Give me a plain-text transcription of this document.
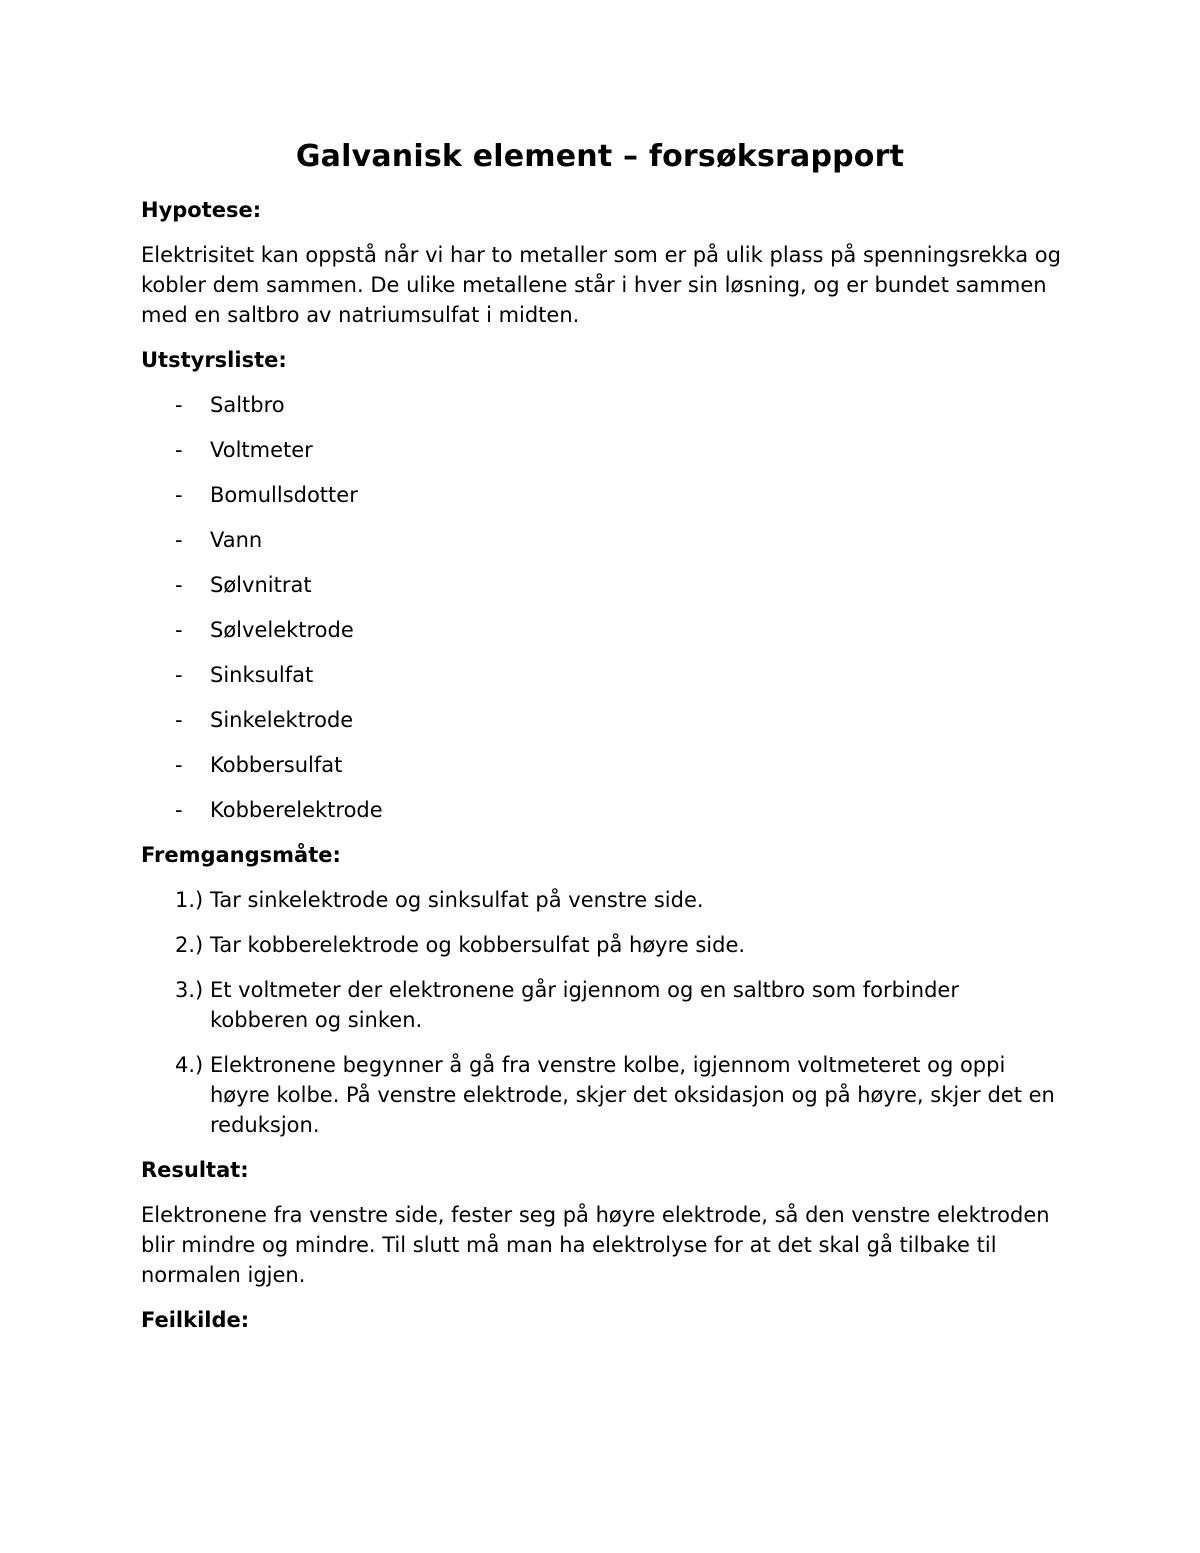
Galvanisk element – forsøksrapport
Hypotese:

Elektrisitet kan oppstå når vi har to metaller som er på ulik plass på spenningsrekka og kobler dem sammen. De ulike metallene står i hver sin løsning, og er bundet sammen med en saltbro av natriumsulfat i midten.

Utstyrsliste:
- Saltbro
- Voltmeter
- Bomullsdotter
- Vann
- Sølvnitrat
- Sølvelektrode
- Sinksulfat
- Sinkelektrode
- Kobbersulfat
- Kobberelektrode
Fremgangsmåte:
1.) Tar sinkelektrode og sinksulfat på venstre side.
2.) Tar kobberelektrode og kobbersulfat på høyre side.
3.) Et voltmeter der elektronene går igjennom og en saltbro som forbinder kobberen og sinken.
4.) Elektronene begynner å gå fra venstre kolbe, igjennom voltmeteret og oppi høyre kolbe. På venstre elektrode, skjer det oksidasjon og på høyre, skjer det en reduksjon.
Resultat:

Elektronene fra venstre side, fester seg på høyre elektrode, så den venstre elektroden blir mindre og mindre. Til slutt må man ha elektrolyse for at det skal gå tilbake til normalen igjen.

Feilkilde:
